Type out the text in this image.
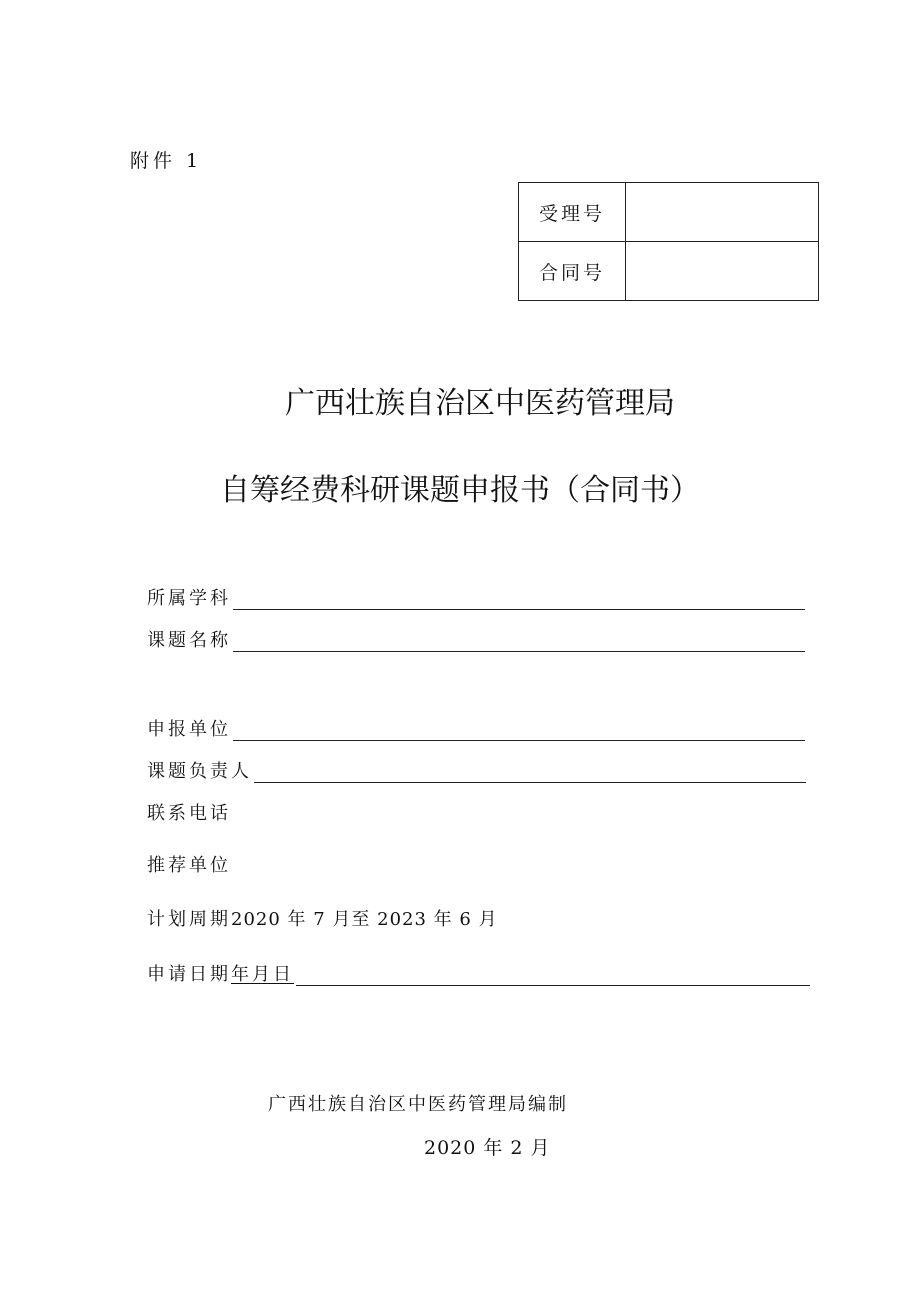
附件 1
受理号	
合同号	
广西壮族自治区中医药管理局
自筹经费科研课题申报书（合同书）
所属学科
课题名称
申报单位
课题负责人
联系电话
推荐单位
计划周期 2020 年 7 月至 2023 年 6 月
申请日期 年月日
广西壮族自治区中医药管理局编制
2020 年 2 月
